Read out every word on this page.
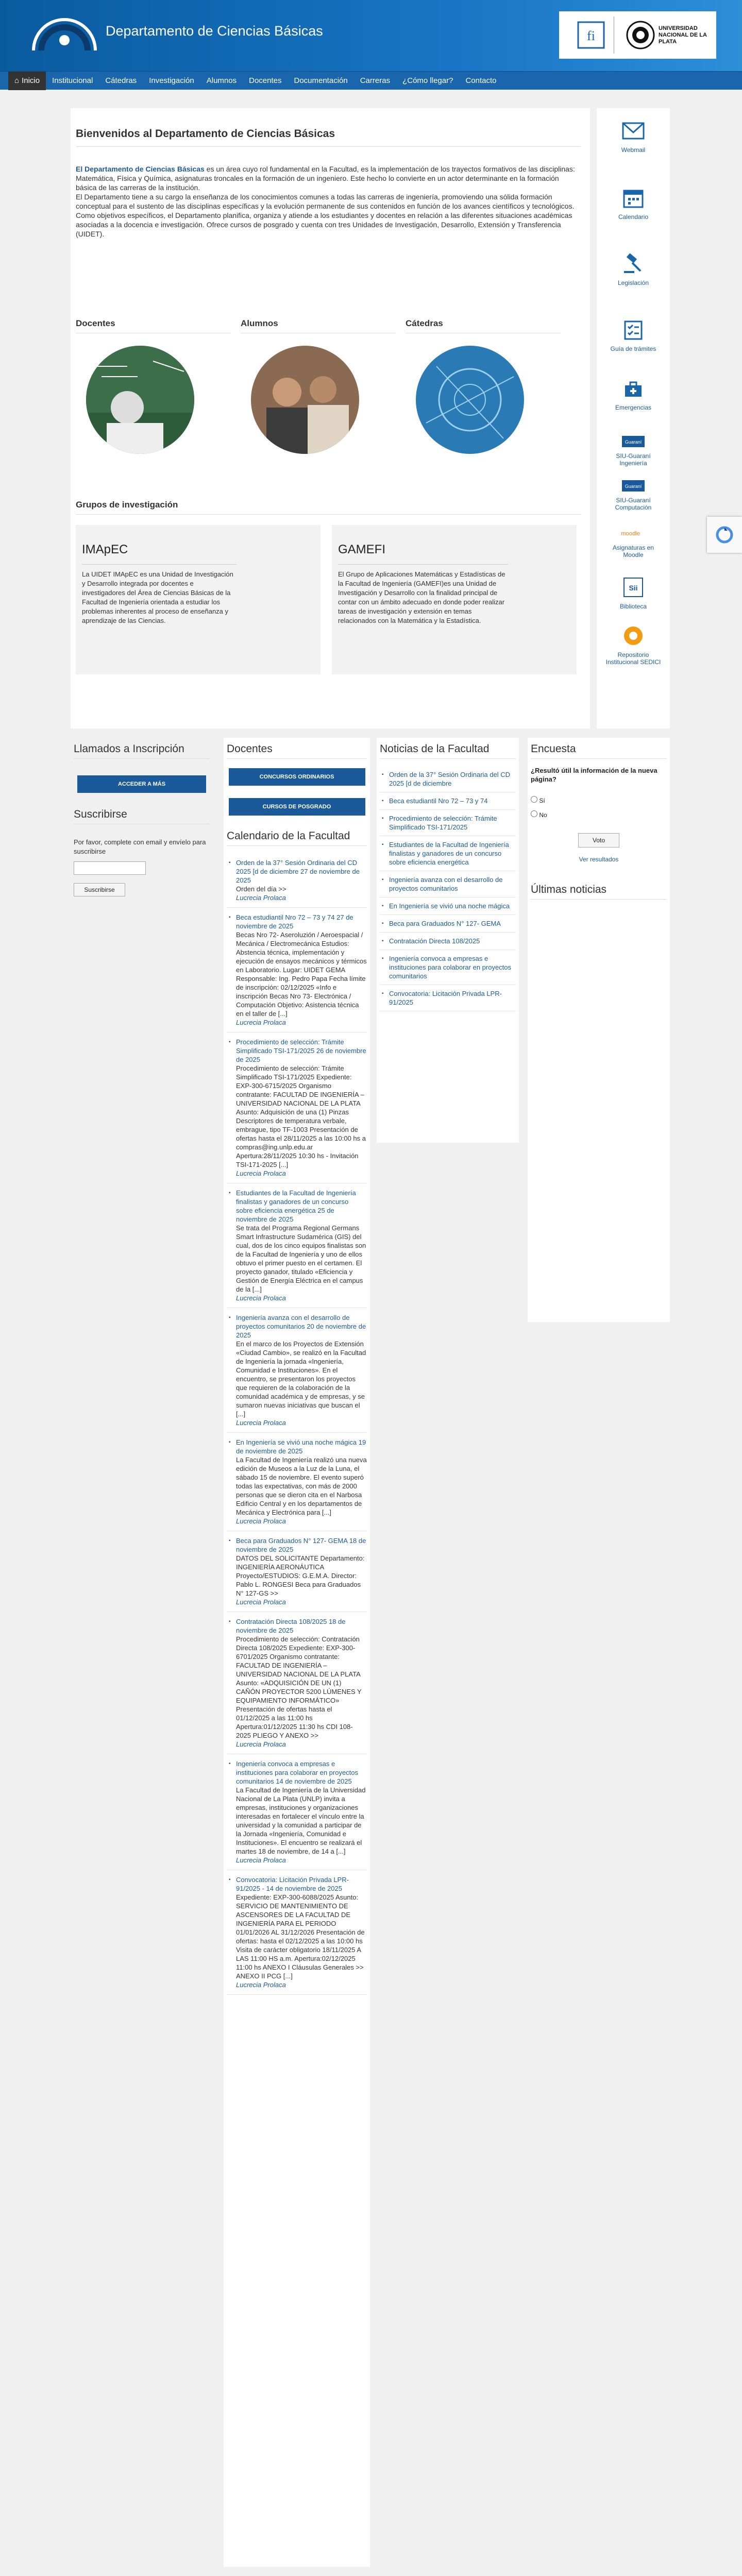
Departamento de Ciencias Básicas	fi
UNIVERSIDAD NACIONAL DE LA PLATA
⌂ Inicio	Institucional	Cátedras	Investigación	Alumnos	Docentes	Documentación	Carreras	¿Cómo llegar?	Contacto
Bienvenidos al Departamento de Ciencias Básicas

El Departamento de Ciencias Básicas es un área cuyo rol fundamental en la Facultad, es la implementación de los trayectos formativos de las disciplinas: Matemática, Física y Química, asignaturas troncales en la formación de un ingeniero. Este hecho lo convierte en un actor determinante en la formación básica de las carreras de la institución.

El Departamento tiene a su cargo la enseñanza de los conocimientos comunes a todas las carreras de ingeniería, promoviendo una sólida formación conceptual para el sustento de las disciplinas específicas y la evolución permanente de sus contenidos en función de los avances científicos y tecnológicos.

Como objetivos específicos, el Departamento planifica, organiza y atiende a los estudiantes y docentes en relación a las diferentes situaciones académicas asociadas a la docencia e investigación. Ofrece cursos de posgrado y cuenta con tres Unidades de Investigación, Desarrollo, Extensión y Transferencia (UIDET).

Docentes	Alumnos	Cátedras
Grupos de investigación
IMApEC

La UIDET IMApEC es una Unidad de Investigación y Desarrollo integrada por docentes e investigadores del Área de Ciencias Básicas de la Facultad de Ingeniería orientada a estudiar los problemas inherentes al proceso de enseñanza y aprendizaje de las Ciencias.

GAMEFI

El Grupo de Aplicaciones Matemáticas y Estadísticas de la Facultad de Ingeniería (GAMEFI)es una Unidad de Investigación y Desarrollo con la finalidad principal de contar con un ámbito adecuado en donde poder realizar tareas de investigación y extensión en temas relacionados con la Matemática y la Estadística.

Webmail
Calendario
Legislación
Guía de trámites
Emergencias
Guaraní
SIU-Guaraní Ingeniería
Guaraní
SIU-Guaraní Computación
moodle
Asignaturas en Moodle
Sii
Biblioteca
Repositorio Institucional SEDICI
Llamados a Inscripción
ACCEDER A MÁS
Suscribirse

Por favor, complete con email y envíelo para suscribirse

Suscribirse
Docentes
CONCURSOS ORDINARIOS
CURSOS DE POSGRADO
Calendario de la Facultad
▪ Orden de la 37° Sesión Ordinaria del CD 2025 [d de diciembre 27 de noviembre de 2025
Orden del día >>
Lucrecia Prolaca
▪ Beca estudiantil Nro 72 – 73 y 74 27 de noviembre de 2025
Becas Nro 72- Aseroluzión / Aeroespacial / Mecánica / Electromecánica Estudios: Abstencia técnica, implementación y ejecución de ensayos mecánicos y térmicos en Laboratorio. Lugar: UIDET GEMA Responsable: Ing. Pedro Papa Fecha límite de inscripción: 02/12/2025 «Info e inscripción Becas Nro 73- Electrónica / Computación Objetivo: Asistencia técnica en el taller de [...]
Lucrecia Prolaca
▪ Procedimiento de selección: Trámite Simplificado TSI-171/2025 26 de noviembre de 2025
Procedimiento de selección: Trámite Simplificado TSI-171/2025 Expediente: EXP-300-6715/2025 Organismo contratante: FACULTAD DE INGENIERÍA – UNIVERSIDAD NACIONAL DE LA PLATA Asunto: Adquisición de una (1) Pinzas Descriptores de temperatura verbale, embrague, tipo TF-1003 Presentación de ofertas hasta el 28/11/2025 a las 10:00 hs a compras@ing.unlp.edu.ar Apertura:28/11/2025 10:30 hs - Invitación TSI-171-2025 [...]
Lucrecia Prolaca
▪ Estudiantes de la Facultad de Ingeniería finalistas y ganadores de un concurso sobre eficiencia energética 25 de noviembre de 2025
Se trata del Programa Regional Germans Smart Infrastructure Sudamérica (GIS) del cual, dos de los cinco equipos finalistas son de la Facultad de Ingeniería y uno de ellos obtuvo el primer puesto en el certamen. El proyecto ganador, titulado «Eficiencia y Gestión de Energía Eléctrica en el campus de la [...]
Lucrecia Prolaca
▪ Ingeniería avanza con el desarrollo de proyectos comunitarios 20 de noviembre de 2025
En el marco de los Proyectos de Extensión «Ciudad Cambio», se realizó en la Facultad de Ingeniería la jornada «Ingeniería, Comunidad e Instituciones». En el encuentro, se presentaron los proyectos que requieren de la colaboración de la comunidad académica y de empresas, y se sumaron nuevas iniciativas que buscan el [...]
Lucrecia Prolaca
▪ En Ingeniería se vivió una noche mágica 19 de noviembre de 2025
La Facultad de Ingeniería realizó una nueva edición de Museos a la Luz de la Luna, el sábado 15 de noviembre. El evento superó todas las expectativas, con más de 2000 personas que se dieron cita en el Narbosa Edificio Central y en los departamentos de Mecánica y Electrónica para [...]
Lucrecia Prolaca
▪ Beca para Graduados N° 127- GEMA 18 de noviembre de 2025
DATOS DEL SOLICITANTE Departamento: INGENIERÍA AERONÁUTICA Proyecto/ESTUDIOS: G.E.M.A. Director: Pablo L. RONGESI Beca para Graduados N° 127-GS >>
Lucrecia Prolaca
▪ Contratación Directa 108/2025 18 de noviembre de 2025
Procedimiento de selección: Contratación Directa 108/2025 Expediente: EXP-300-6701/2025 Organismo contratante: FACULTAD DE INGENIERÍA – UNIVERSIDAD NACIONAL DE LA PLATA Asunto: «ADQUISICIÓN DE UN (1) CAÑÓN PROYECTOR 5200 LÚMENES Y EQUIPAMIENTO INFORMÁTICO» Presentación de ofertas hasta el 01/12/2025 a las 11:00 hs Apertura:01/12/2025 11:30 hs CDI 108-2025 PLIEGO Y ANEXO >>
Lucrecia Prolaca
▪ Ingeniería convoca a empresas e instituciones para colaborar en proyectos comunitarios 14 de noviembre de 2025
La Facultad de Ingeniería de la Universidad Nacional de La Plata (UNLP) invita a empresas, instituciones y organizaciones interesadas en fortalecer el vínculo entre la universidad y la comunidad a participar de la Jornada «Ingeniería, Comunidad e Instituciones». El encuentro se realizará el martes 18 de noviembre, de 14 a [...]
Lucrecia Prolaca
▪ Convocatoria: Licitación Privada LPR-91/2025 - 14 de noviembre de 2025
Expediente: EXP-300-6088/2025 Asunto: SERVICIO DE MANTENIMIENTO DE ASCENSORES DE LA FACULTAD DE INGENIERÍA PARA EL PERIODO 01/01/2026 AL 31/12/2026 Presentación de ofertas: hasta el 02/12/2025 a las 10:00 hs Visita de carácter obligatorio 18/11/2025 A LAS 11:00 HS a.m. Apertura:02/12/2025 11:00 hs ANEXO I Cláusulas Generales >> ANEXO II PCG [...]
Lucrecia Prolaca
Noticias de la Facultad
▪ Orden de la 37° Sesión Ordinaria del CD 2025 [d de diciembre
▪ Beca estudiantil Nro 72 – 73 y 74
▪ Procedimiento de selección: Trámite Simplificado TSI-171/2025
▪ Estudiantes de la Facultad de Ingeniería finalistas y ganadores de un concurso sobre eficiencia energética
▪ Ingeniería avanza con el desarrollo de proyectos comunitarios
▪ En Ingeniería se vivió una noche mágica
▪ Beca para Graduados N° 127- GEMA
▪ Contratación Directa 108/2025
▪ Ingeniería convoca a empresas e instituciones para colaborar en proyectos comunitarios
▪ Convocatoria: Licitación Privada LPR-91/2025
Encuesta
¿Resultó útil la información de la nueva página?
Sí
No
Voto
Ver resultados
Últimas noticias
